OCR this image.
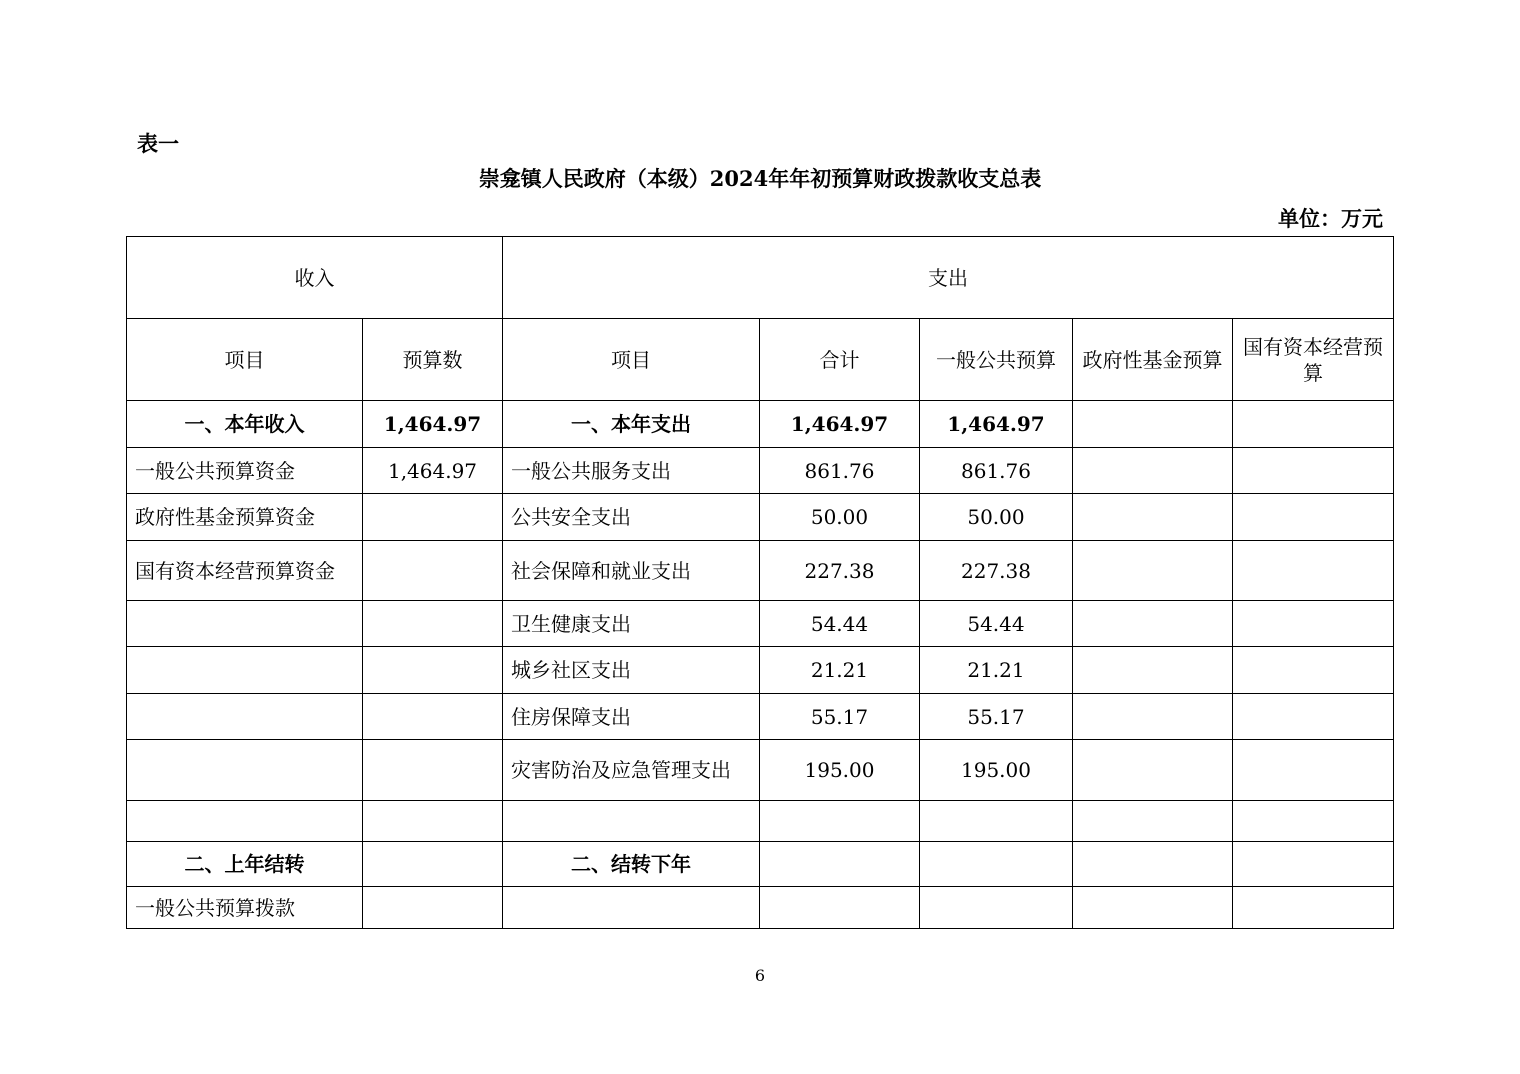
表一
崇龛镇人民政府（本级）2024年年初预算财政拨款收支总表
单位：万元
收入		支出				
项目	预算数	项目	合计	一般公共预算	政府性基金预算	国有资本经营预算
一、本年收入	1,464.97	一、本年支出	1,464.97	1,464.97		
一般公共预算资金	1,464.97	一般公共服务支出	861.76	861.76		
政府性基金预算资金		公共安全支出	50.00	50.00		
国有资本经营预算资金		社会保障和就业支出	227.38	227.38		
		卫生健康支出	54.44	54.44		
		城乡社区支出	21.21	21.21		
		住房保障支出	55.17	55.17		
		灾害防治及应急管理支出	195.00	195.00		

二、上年结转		二、结转下年				
一般公共预算拨款						
6
